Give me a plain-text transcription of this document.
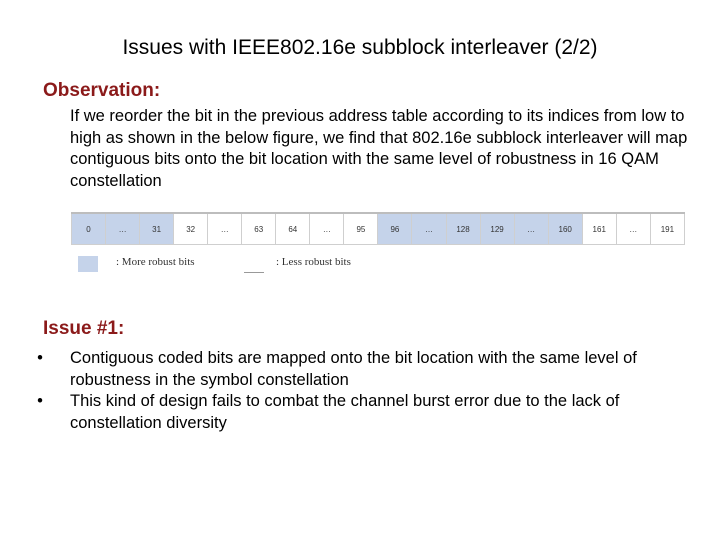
Issues with IEEE802.16e subblock interleaver (2/2)
Observation:
If we reorder the bit in the previous address table according to its indices from low to high as shown in the below figure, we find that 802.16e subblock interleaver will map contiguous bits onto the bit location with the same level of robustness in 16 QAM constellation
0	…	31	32	…	63	64	…	95	96	…	128	129	…	160	161	…	191
: More robust bits	: Less robust bits
Issue #1:
•	Contiguous coded bits are mapped onto the bit location with the same level of robustness in the symbol constellation
•	This kind of design fails to combat the channel burst error due to the lack of constellation diversity
